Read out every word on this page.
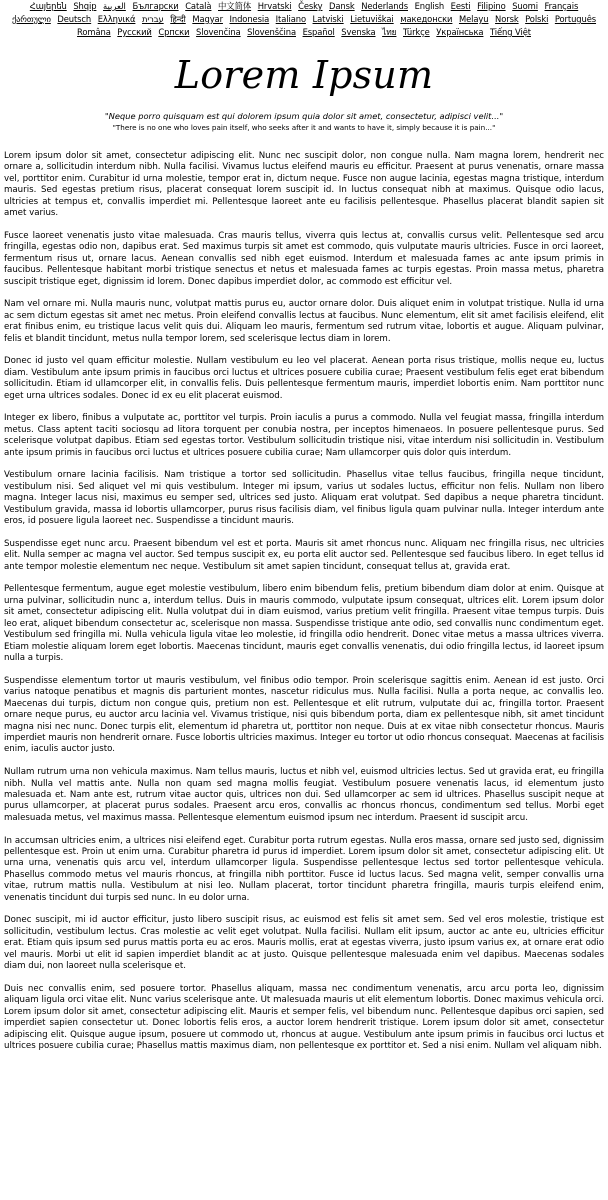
Հայերեն Shqip العربية Български Català 中文简体 Hrvatski Česky Dansk Nederlands English Eesti Filipino Suomi Français ქართული Deutsch Ελληνικά עברית हिन्दी Magyar Indonesia Italiano Latviski Lietuviškai македонски Melayu Norsk Polski Português Româna Pyccкий Српски Slovenčina Slovenščina Español Svenska ไทย Türkçe Українська Tiếng Việt
Lorem Ipsum

"Neque porro quisquam est qui dolorem ipsum quia dolor sit amet, consectetur, adipisci velit..."

"There is no one who loves pain itself, who seeks after it and wants to have it, simply because it is pain..."

Lorem ipsum dolor sit amet, consectetur adipiscing elit. Nunc nec suscipit dolor, non congue nulla. Nam magna lorem, hendrerit nec ornare a, sollicitudin interdum nibh. Nulla facilisi. Vivamus luctus eleifend mauris eu efficitur. Praesent at purus venenatis, ornare massa vel, porttitor enim. Curabitur id urna molestie, tempor erat in, dictum neque. Fusce non augue lacinia, egestas magna tristique, interdum mauris. Sed egestas pretium risus, placerat consequat lorem suscipit id. In luctus consequat nibh at maximus. Quisque odio lacus, ultricies at tempus et, convallis imperdiet mi. Pellentesque laoreet ante eu facilisis pellentesque. Phasellus placerat blandit sapien sit amet varius.

Fusce laoreet venenatis justo vitae malesuada. Cras mauris tellus, viverra quis lectus at, convallis cursus velit. Pellentesque sed arcu fringilla, egestas odio non, dapibus erat. Sed maximus turpis sit amet est commodo, quis vulputate mauris ultricies. Fusce in orci laoreet, fermentum risus ut, ornare lacus. Aenean convallis sed nibh eget euismod. Interdum et malesuada fames ac ante ipsum primis in faucibus. Pellentesque habitant morbi tristique senectus et netus et malesuada fames ac turpis egestas. Proin massa metus, pharetra suscipit tristique eget, dignissim id lorem. Donec dapibus imperdiet dolor, ac commodo est efficitur vel.

Nam vel ornare mi. Nulla mauris nunc, volutpat mattis purus eu, auctor ornare dolor. Duis aliquet enim in volutpat tristique. Nulla id urna ac sem dictum egestas sit amet nec metus. Proin eleifend convallis lectus at faucibus. Nunc elementum, elit sit amet facilisis eleifend, elit erat finibus enim, eu tristique lacus velit quis dui. Aliquam leo mauris, fermentum sed rutrum vitae, lobortis et augue. Aliquam pulvinar, felis et blandit tincidunt, metus nulla tempor lorem, sed scelerisque lectus diam in lorem.

Donec id justo vel quam efficitur molestie. Nullam vestibulum eu leo vel placerat. Aenean porta risus tristique, mollis neque eu, luctus diam. Vestibulum ante ipsum primis in faucibus orci luctus et ultrices posuere cubilia curae; Praesent vestibulum felis eget erat bibendum sollicitudin. Etiam id ullamcorper elit, in convallis felis. Duis pellentesque fermentum mauris, imperdiet lobortis enim. Nam porttitor nunc eget urna ultrices sodales. Donec id ex eu elit placerat euismod.

Integer ex libero, finibus a vulputate ac, porttitor vel turpis. Proin iaculis a purus a commodo. Nulla vel feugiat massa, fringilla interdum metus. Class aptent taciti sociosqu ad litora torquent per conubia nostra, per inceptos himenaeos. In posuere pellentesque purus. Sed scelerisque volutpat dapibus. Etiam sed egestas tortor. Vestibulum sollicitudin tristique nisi, vitae interdum nisi sollicitudin in. Vestibulum ante ipsum primis in faucibus orci luctus et ultrices posuere cubilia curae; Nam ullamcorper quis dolor quis interdum.

Vestibulum ornare lacinia facilisis. Nam tristique a tortor sed sollicitudin. Phasellus vitae tellus faucibus, fringilla neque tincidunt, vestibulum nisi. Sed aliquet vel mi quis vestibulum. Integer mi ipsum, varius ut sodales luctus, efficitur non felis. Nullam non libero magna. Integer lacus nisi, maximus eu semper sed, ultrices sed justo. Aliquam erat volutpat. Sed dapibus a neque pharetra tincidunt. Vestibulum gravida, massa id lobortis ullamcorper, purus risus facilisis diam, vel finibus ligula quam pulvinar nulla. Integer interdum ante eros, id posuere ligula laoreet nec. Suspendisse a tincidunt mauris.

Suspendisse eget nunc arcu. Praesent bibendum vel est et porta. Mauris sit amet rhoncus nunc. Aliquam nec fringilla risus, nec ultricies elit. Nulla semper ac magna vel auctor. Sed tempus suscipit ex, eu porta elit auctor sed. Pellentesque sed faucibus libero. In eget tellus id ante tempor molestie elementum nec neque. Vestibulum sit amet sapien tincidunt, consequat tellus at, gravida erat.

Pellentesque fermentum, augue eget molestie vestibulum, libero enim bibendum felis, pretium bibendum diam dolor at enim. Quisque at urna pulvinar, sollicitudin nunc a, interdum tellus. Duis in mauris commodo, vulputate ipsum consequat, ultrices elit. Lorem ipsum dolor sit amet, consectetur adipiscing elit. Nulla volutpat dui in diam euismod, varius pretium velit fringilla. Praesent vitae tempus turpis. Duis leo erat, aliquet bibendum consectetur ac, scelerisque non massa. Suspendisse tristique ante odio, sed convallis nunc condimentum eget. Vestibulum sed fringilla mi. Nulla vehicula ligula vitae leo molestie, id fringilla odio hendrerit. Donec vitae metus a massa ultrices viverra. Etiam molestie aliquam lorem eget lobortis. Maecenas tincidunt, mauris eget convallis venenatis, dui odio fringilla lectus, id laoreet ipsum nulla a turpis.

Suspendisse elementum tortor ut mauris vestibulum, vel finibus odio tempor. Proin scelerisque sagittis enim. Aenean id est justo. Orci varius natoque penatibus et magnis dis parturient montes, nascetur ridiculus mus. Nulla facilisi. Nulla a porta neque, ac convallis leo. Maecenas dui turpis, dictum non congue quis, pretium non est. Pellentesque et elit rutrum, vulputate dui ac, fringilla tortor. Praesent ornare neque purus, eu auctor arcu lacinia vel. Vivamus tristique, nisi quis bibendum porta, diam ex pellentesque nibh, sit amet tincidunt magna nisi nec nunc. Donec turpis elit, elementum id pharetra ut, porttitor non neque. Duis at ex vitae nibh consectetur rhoncus. Mauris imperdiet mauris non hendrerit ornare. Fusce lobortis ultricies maximus. Integer eu tortor ut odio rhoncus consequat. Maecenas at facilisis enim, iaculis auctor justo.

Nullam rutrum urna non vehicula maximus. Nam tellus mauris, luctus et nibh vel, euismod ultricies lectus. Sed ut gravida erat, eu fringilla nibh. Nulla vel mattis ante. Nulla non quam sed magna mollis feugiat. Vestibulum posuere venenatis lacus, id elementum justo malesuada et. Nam ante est, rutrum vitae auctor quis, ultrices non dui. Sed ullamcorper ac sem id ultrices. Phasellus suscipit neque at purus ullamcorper, at placerat purus sodales. Praesent arcu eros, convallis ac rhoncus rhoncus, condimentum sed tellus. Morbi eget malesuada metus, vel maximus massa. Pellentesque elementum euismod ipsum nec interdum. Praesent id suscipit arcu.

In accumsan ultricies enim, a ultrices nisi eleifend eget. Curabitur porta rutrum egestas. Nulla eros massa, ornare sed justo sed, dignissim pellentesque est. Proin ut enim urna. Curabitur pharetra id purus id imperdiet. Lorem ipsum dolor sit amet, consectetur adipiscing elit. Ut urna urna, venenatis quis arcu vel, interdum ullamcorper ligula. Suspendisse pellentesque lectus sed tortor pellentesque vehicula. Phasellus commodo metus vel mauris rhoncus, at fringilla nibh porttitor. Fusce id luctus lacus. Sed magna velit, semper convallis urna vitae, rutrum mattis nulla. Vestibulum at nisi leo. Nullam placerat, tortor tincidunt pharetra fringilla, mauris turpis eleifend enim, venenatis tincidunt dui turpis sed nunc. In eu dolor urna.

Donec suscipit, mi id auctor efficitur, justo libero suscipit risus, ac euismod est felis sit amet sem. Sed vel eros molestie, tristique est sollicitudin, vestibulum lectus. Cras molestie ac velit eget volutpat. Nulla facilisi. Nullam elit ipsum, auctor ac ante eu, ultricies efficitur erat. Etiam quis ipsum sed purus mattis porta eu ac eros. Mauris mollis, erat at egestas viverra, justo ipsum varius ex, at ornare erat odio vel mauris. Morbi ut elit id sapien imperdiet blandit ac at justo. Quisque pellentesque malesuada enim vel dapibus. Maecenas sodales diam dui, non laoreet nulla scelerisque et.

Duis nec convallis enim, sed posuere tortor. Phasellus aliquam, massa nec condimentum venenatis, arcu arcu porta leo, dignissim aliquam ligula orci vitae elit. Nunc varius scelerisque ante. Ut malesuada mauris ut elit elementum lobortis. Donec maximus vehicula orci. Lorem ipsum dolor sit amet, consectetur adipiscing elit. Mauris et semper felis, vel bibendum nunc. Pellentesque dapibus orci sapien, sed imperdiet sapien consectetur ut. Donec lobortis felis eros, a auctor lorem hendrerit tristique. Lorem ipsum dolor sit amet, consectetur adipiscing elit. Quisque augue ipsum, posuere ut commodo ut, rhoncus at augue. Vestibulum ante ipsum primis in faucibus orci luctus et ultrices posuere cubilia curae; Phasellus mattis maximus diam, non pellentesque ex porttitor et. Sed a nisi enim. Nullam vel aliquam nibh.
